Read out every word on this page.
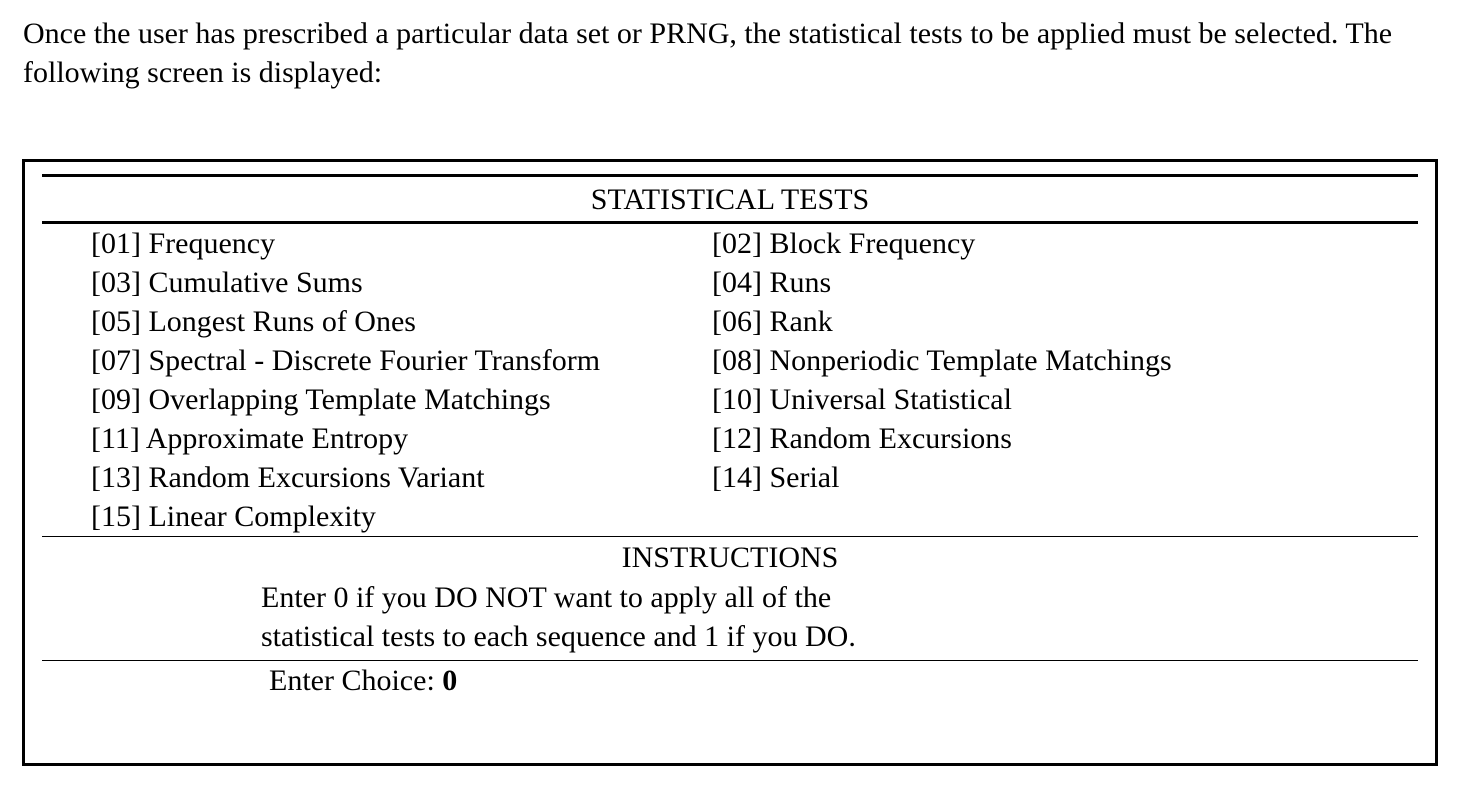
Once the user has prescribed a particular data set or PRNG, the statistical tests to be applied must be selected. The following screen is displayed:

STATISTICAL TESTS
[01] Frequency	[02] Block Frequency
[03] Cumulative Sums	[04] Runs
[05] Longest Runs of Ones	[06] Rank
[07] Spectral - Discrete Fourier Transform	[08] Nonperiodic Template Matchings
[09] Overlapping Template Matchings	[10] Universal Statistical
[11] Approximate Entropy	[12] Random Excursions
[13] Random Excursions Variant	[14] Serial
[15] Linear Complexity
INSTRUCTIONS
Enter 0 if you DO NOT want to apply all of the
statistical tests to each sequence and 1 if you DO.
Enter Choice: 0
